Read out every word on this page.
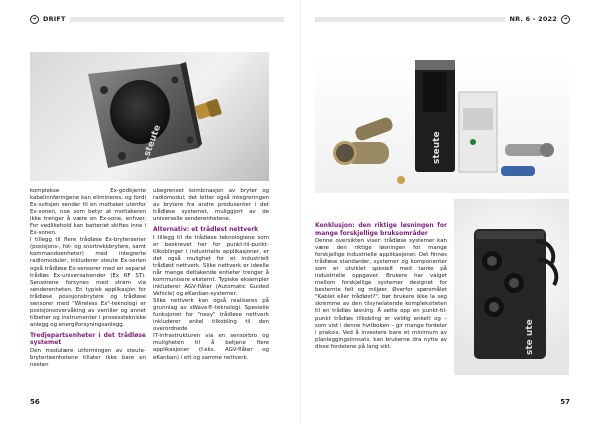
➜ DRIFT
.steute

komplekse Ex-godkjente kabelinnføringene kan elimineres, og fordi Ex-svitsjen sender til en mottaker utenfor Ex-sonen, noe som betyr at mottakeren ikke trenger å være en Ex-sone, enhver. For vedlikehold kan batteriet skiftes inne i Ex-sonen.

I tillegg til flere trådløse Ex-bryterserier (posisjons-, fot- og snortrekkbrytere, samt kommandoenheter) med integrerte radiomoduler, inkluderer steute Ex-serien også trådløse Ex-sensorer med en separat trådløs Ex-universalsender (Ex RF ST). Sensorene forsynes med strøm via senderenheten. En typisk applikasjon for trådløse posisjonsbrytere og trådløse sensorer med "Wireless Ex"-teknologi er posisjonsovervåking av ventiler og annet tilbehør og instrumenter i prosesstekniske anlegg og energiforsyningsanlegg.

Tredjepartsenheter i det trådløse systemet

Den modulære utformingen av steute-bryterteenhetene tillater ikke bare en nesten

ubegrenset kombinasjon av bryter og radiomodul; det letter også integreringen av brytere fra andre produsenter i det trådløse systemet, muliggjort av de universelle senderenhetene.

Alternativ: et trådløst nettverk

I tillegg til de trådløse teknologiene som er beskrevet her for punkt-til-punkt-tilkoblinger i industrielle applikasjoner, er det også mulighet for et industrielt trådløst nettverk. Slike nettverk er ideelle når mange deltakende enheter trenger å kommunisere eksternt. Typiske eksempler inkluderer AGV-flåter (Automatic Guided Vehicle) og eKanban-systemer.

Slike nettverk kan også realiseres på grunnlag av sWave®-teknologi. Spesielle funksjoner for "nexy" trådløse nettverk inkluderer enkel tilkobling til den overordnede

IT-infrastrukturen via en sensorbro og muligheten til å betjene flere applikasjoner (f.eks. AGV-flåter og eKanban) i ett og samme nettverk.

56
NR. 6 - 2022	➜
steute
Konklusjon: den riktige løsningen for mange forskjellige bruksområder

Denne oversikten viser: trådløse systemer kan være den riktige løsningen for mange forskjellige industrielle applikasjoner. Det finnes trådløse standarder, systemer og komponenter som er utviklet spesielt med tanke på industrielle oppgaver. Brukere har valget mellom forskjellige systemer designet for bestemte felt og miljøer. Øverfor spørsmålet "Kablet eller trådløst?", bør brukere ikke la seg skremme av den tilsynelatende kompleksiteten til en trådløs løsning. Å sette opp en punkt-til-punkt trådløs tilkobling er veldig enkelt og – som vist i denne hvitboken – gir mange fordeler i praksis. Ved å investere bare et minimum av planleggingsinnsats, kan brukerne dra nytte av disse fordelene på lang sikt.	ste ute
57
